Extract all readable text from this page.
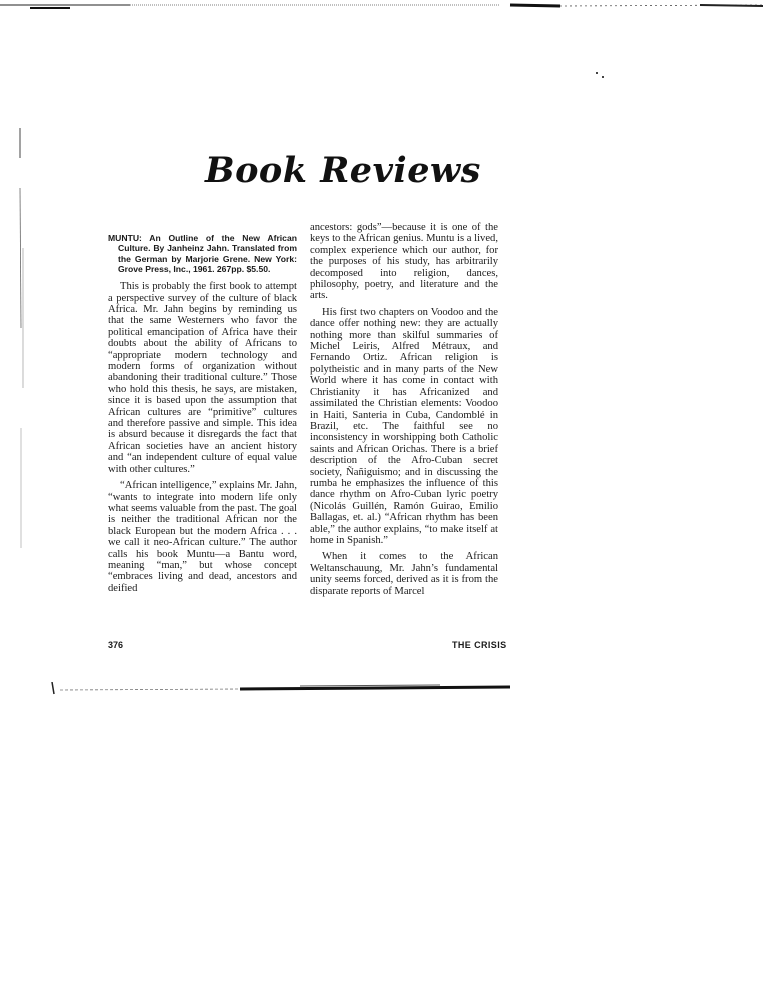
Book Reviews
MUNTU: An Outline of the New African Culture. By Janheinz Jahn. Translated from the German by Marjorie Grene. New York: Grove Press, Inc., 1961. 267pp. $5.50.

This is probably the first book to attempt a perspective survey of the culture of black Africa. Mr. Jahn begins by reminding us that the same Westerners who favor the political emancipation of Africa have their doubts about the ability of Africans to “appropriate modern technology and modern forms of organization without abandoning their traditional culture.” Those who hold this thesis, he says, are mistaken, since it is based upon the assumption that African cultures are “primitive” cultures and therefore passive and simple. This idea is absurd because it disregards the fact that African societies have an ancient history and “an independent culture of equal value with other cultures.”

“African intelligence,” explains Mr. Jahn, “wants to integrate into modern life only what seems valuable from the past. The goal is neither the traditional African nor the black European but the modern Africa . . . we call it neo-African culture.” The author calls his book Muntu—a Bantu word, meaning “man,” but whose concept “embraces living and dead, ancestors and deified

ancestors: gods”—because it is one of the keys to the African genius. Muntu is a lived, complex experience which our author, for the purposes of his study, has arbitrarily decomposed into religion, dances, philosophy, poetry, and literature and the arts.

His first two chapters on Voodoo and the dance offer nothing new: they are actually nothing more than skilful summaries of Michel Leiris, Alfred Métraux, and Fernando Ortiz. African religion is polytheistic and in many parts of the New World where it has come in contact with Christianity it has Africanized and assimilated the Christian elements: Voodoo in Haiti, Santeria in Cuba, Candomblé in Brazil, etc. The faithful see no inconsistency in worshipping both Catholic saints and African Orichas. There is a brief description of the Afro-Cuban secret society, Ñañiguismo; and in discussing the rumba he emphasizes the influence of this dance rhythm on Afro-Cuban lyric poetry (Nicolás Guillén, Ramón Guirao, Emilio Ballagas, et. al.) “African rhythm has been able,” the author explains, “to make itself at home in Spanish.”

When it comes to the African Weltanschauung, Mr. Jahn’s fundamental unity seems forced, derived as it is from the disparate reports of Marcel

376	THE CRISIS
